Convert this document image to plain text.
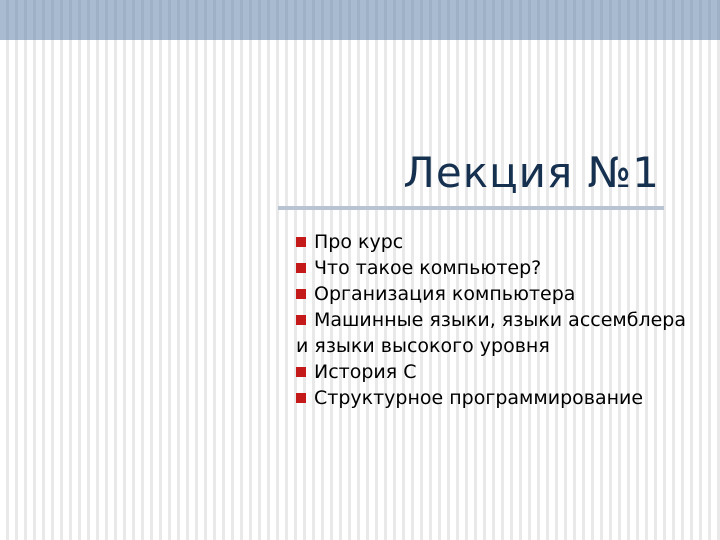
Лекция №1
Про курс
Что такое компьютер?
Организация компьютера
Машинные языки, языки ассемблера и языки высокого уровня
История С
Структурное программирование
